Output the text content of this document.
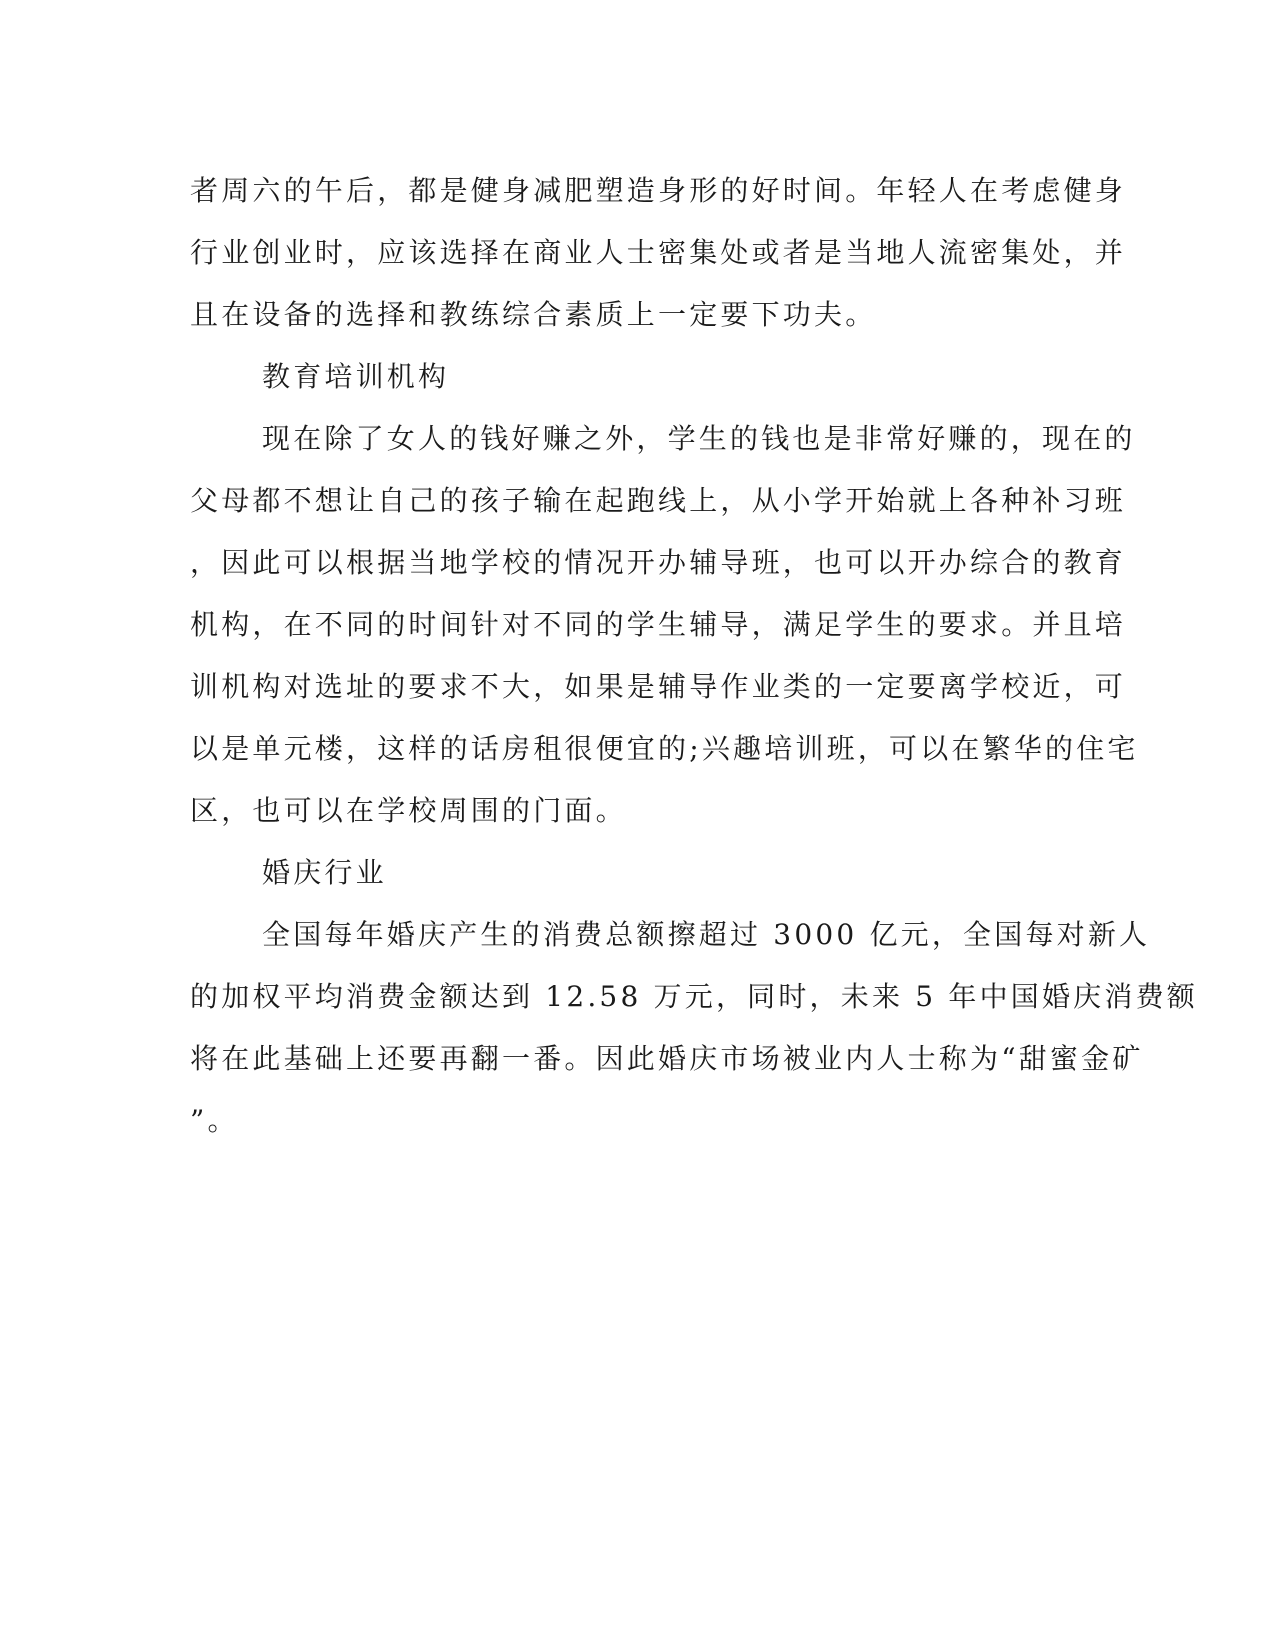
者周六的午后，都是健身减肥塑造身形的好时间。年轻人在考虑健身
行业创业时，应该选择在商业人士密集处或者是当地人流密集处，并
且在设备的选择和教练综合素质上一定要下功夫。
教育培训机构
现在除了女人的钱好赚之外，学生的钱也是非常好赚的，现在的
父母都不想让自己的孩子输在起跑线上，从小学开始就上各种补习班
，因此可以根据当地学校的情况开办辅导班，也可以开办综合的教育
机构，在不同的时间针对不同的学生辅导，满足学生的要求。并且培
训机构对选址的要求不大，如果是辅导作业类的一定要离学校近，可
以是单元楼，这样的话房租很便宜的;兴趣培训班，可以在繁华的住宅
区，也可以在学校周围的门面。
婚庆行业
全国每年婚庆产生的消费总额擦超过 3000 亿元，全国每对新人
的加权平均消费金额达到 12.58 万元，同时，未来 5 年中国婚庆消费额
将在此基础上还要再翻一番。因此婚庆市场被业内人士称为“甜蜜金矿
”。
